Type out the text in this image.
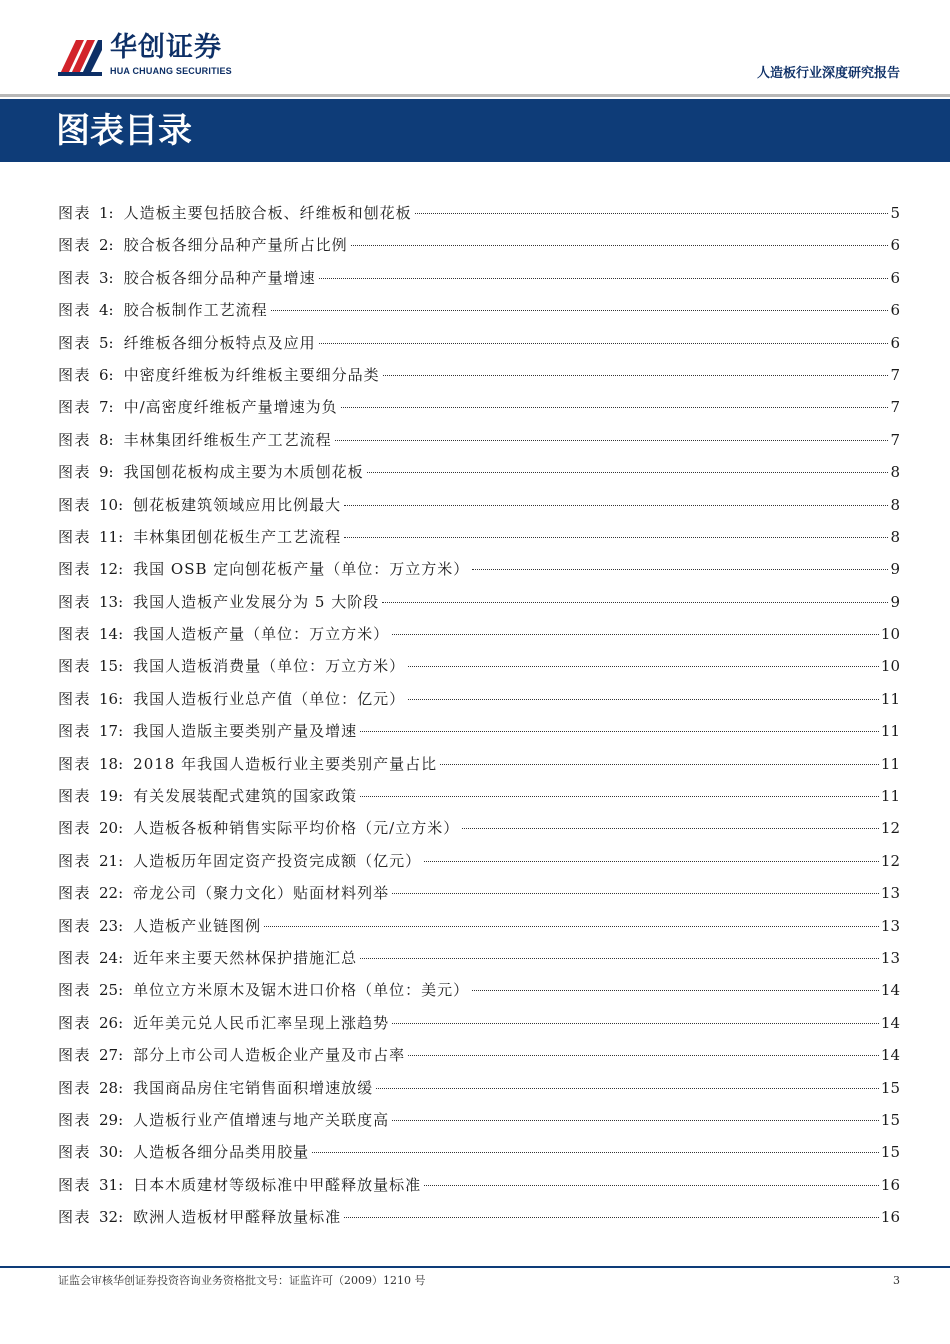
华创证券
HUA CHUANG SECURITIES	人造板行业深度研究报告
图表目录
图表 1: 人造板主要包括胶合板、纤维板和刨花板	5
图表 2: 胶合板各细分品种产量所占比例	6
图表 3: 胶合板各细分品种产量增速	6
图表 4: 胶合板制作工艺流程	6
图表 5: 纤维板各细分板特点及应用	6
图表 6: 中密度纤维板为纤维板主要细分品类	7
图表 7: 中/高密度纤维板产量增速为负	7
图表 8: 丰林集团纤维板生产工艺流程	7
图表 9: 我国刨花板构成主要为木质刨花板	8
图表 10: 刨花板建筑领域应用比例最大	8
图表 11: 丰林集团刨花板生产工艺流程	8
图表 12: 我国 OSB 定向刨花板产量（单位：万立方米）	9
图表 13: 我国人造板产业发展分为 5 大阶段	9
图表 14: 我国人造板产量（单位：万立方米）	10
图表 15: 我国人造板消费量（单位：万立方米）	10
图表 16: 我国人造板行业总产值（单位：亿元）	11
图表 17: 我国人造版主要类别产量及增速	11
图表 18: 2018 年我国人造板行业主要类别产量占比	11
图表 19: 有关发展装配式建筑的国家政策	11
图表 20: 人造板各板种销售实际平均价格（元/立方米）	12
图表 21: 人造板历年固定资产投资完成额（亿元）	12
图表 22: 帝龙公司（聚力文化）贴面材料列举	13
图表 23: 人造板产业链图例	13
图表 24: 近年来主要天然林保护措施汇总	13
图表 25: 单位立方米原木及锯木进口价格（单位：美元）	14
图表 26: 近年美元兑人民币汇率呈现上涨趋势	14
图表 27: 部分上市公司人造板企业产量及市占率	14
图表 28: 我国商品房住宅销售面积增速放缓	15
图表 29: 人造板行业产值增速与地产关联度高	15
图表 30: 人造板各细分品类用胶量	15
图表 31: 日本木质建材等级标准中甲醛释放量标准	16
图表 32: 欧洲人造板材甲醛释放量标准	16
证监会审核华创证券投资咨询业务资格批文号：证监许可（2009）1210 号	3
